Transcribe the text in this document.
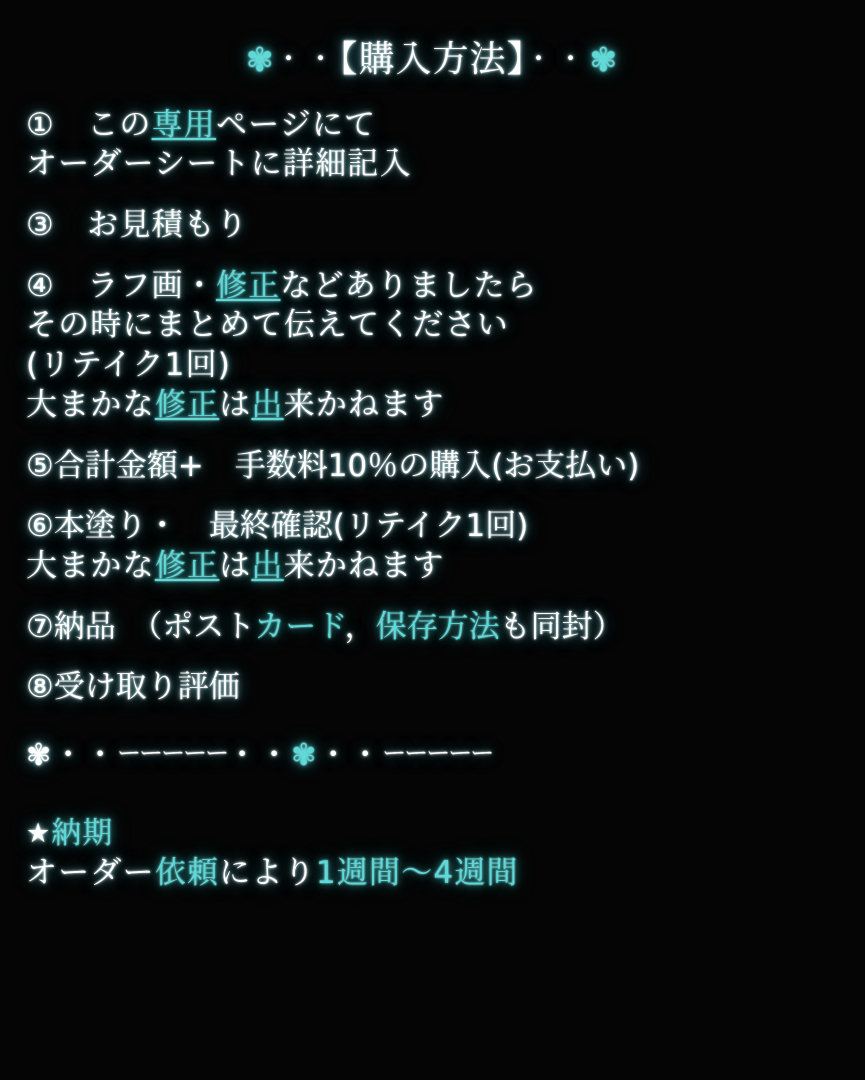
✾・・【購入方法】・・✾
①　この専用ページにて
オーダーシートに詳細記入
③　お見積もり
④　ラフ画・修正などありましたら
その時にまとめて伝えてください
(リテイク1回)
大まかな修正は出来かねます
⑤合計金額+　手数料10％の購入(お支払い)
⑥本塗り・　最終確認(リテイク1回)
大まかな修正は出来かねます
⑦納品　（ポストカード，保存方法も同封）
⑧受け取り評価
✾・・ーーーーー・・✾・・ーーーーー
★納期
オーダー依頼により1週間〜4週間
